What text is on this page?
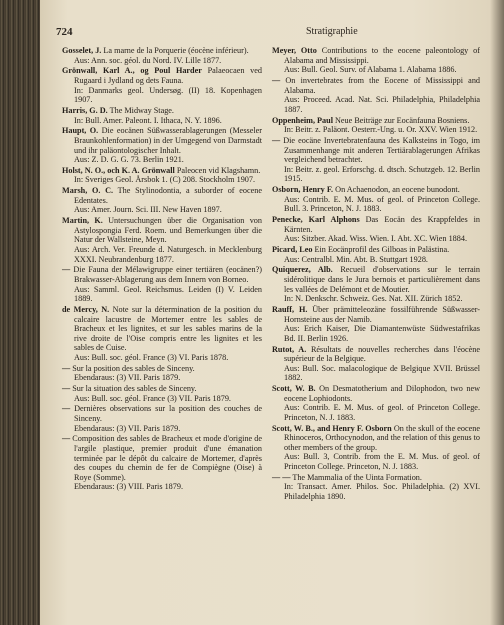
724	Stratigraphie
Gosselet, J. La marne de la Porquerie (éocène inférieur).
Aus: Ann. soc. géol. du Nord. IV. Lille 1877.
Grönwall, Karl A., og Poul Harder Palaeocaen ved Rugaard i Jydland og dets Fauna.
In: Danmarks geol. Undersøg. (II) 18. Kopenhagen 1907.
Harris, G. D. The Midway Stage.
In: Bull. Amer. Paleont. I. Ithaca, N. Y. 1896.
Haupt, O. Die eocänen Süßwasserablagerungen (Messeler Braunkohlenformation) in der Umgegend von Darmstadt und ihr paläontologischer Inhalt.
Aus: Z. D. G. G. 73. Berlin 1921.
Holst, N. O., och K. A. Grönwall Paleocen vid Klagshamn.
In: Sveriges Geol. Årsbok 1. (C) 208. Stockholm 1907.
Marsh, O. C. The Stylinodontia, a suborder of eocene Edentates.
Aus: Amer. Journ. Sci. III. New Haven 1897.
Martin, K. Untersuchungen über die Organisation von Astylospongia Ferd. Roem. und Bemerkungen über die Natur der Wallsteine, Meyn.
Aus: Arch. Ver. Freunde d. Naturgesch. in Mecklenburg XXXI. Neubrandenburg 1877.
— Die Fauna der Mélawigruppe einer tertiären (eocänen?) Brakwasser-Ablagerung aus dem Innern von Borneo.
Aus: Samml. Geol. Reichsmus. Leiden (I) V. Leiden 1889.
de Mercy, N. Note sur la détermination de la position du calcaire lacustre de Mortemer entre les sables de Bracheux et les lignites, et sur les sables marins de la rive droite de l'Oise compris entre les lignites et les sables de Cuise.
Aus: Bull. soc. géol. France (3) VI. Paris 1878.
— Sur la position des sables de Sinceny.
Ebendaraus: (3) VII. Paris 1879.
— Sur la situation des sables de Sinceny.
Aus: Bull. soc. géol. France (3) VII. Paris 1879.
— Dernières observations sur la position des couches de Sinceny.
Ebendaraus: (3) VII. Paris 1879.
— Composition des sables de Bracheux et mode d'origine de l'argile plastique, premier produit d'une émanation terminée par le dépôt du calcaire de Mortemer, d'après des coupes du chemin de fer de Compiègne (Oise) à Roye (Somme).
Ebendaraus: (3) VIII. Paris 1879.
Meyer, Otto Contributions to the eocene paleontology of Alabama and Mississippi.
Aus: Bull. Geol. Surv. of Alabama 1. Alabama 1886.
— On invertebrates from the Eocene of Mississippi and Alabama.
Aus: Proceed. Acad. Nat. Sci. Philadelphia, Philadelphia 1887.
Oppenheim, Paul Neue Beiträge zur Eocänfauna Bosniens.
In: Beitr. z. Paläont. Oesterr.-Ung. u. Or. XXV. Wien 1912.
— Die eocäne Invertebratenfauna des Kalksteins in Togo, im Zusammenhange mit anderen Tertiärablagerungen Afrikas vergleichend betrachtet.
In: Beitr. z. geol. Erforschg. d. dtsch. Schutzgeb. 12. Berlin 1915.
Osborn, Henry F. On Achaenodon, an eocene bunodont.
Aus: Contrib. E. M. Mus. of geol. of Princeton College. Bull. 3. Princeton, N. J. 1883.
Penecke, Karl Alphons Das Eocän des Krappfeldes in Kärnten.
Aus: Sitzber. Akad. Wiss. Wien. I. Abt. XC. Wien 1884.
Picard, Leo Ein Eocänprofil des Gilboas in Palästina.
Aus: Centralbl. Min. Abt. B. Stuttgart 1928.
Quiquerez, Alb. Recueil d'observations sur le terrain sidérolitique dans le Jura bernois et particulièrement dans les vallées de Delémont et de Moutier.
In: N. Denkschr. Schweiz. Ges. Nat. XII. Zürich 1852.
Rauff, H. Über prämitteleozäne fossilführende Süßwasser-Hornsteine aus der Namib.
Aus: Erich Kaiser, Die Diamantenwüste Südwestafrikas Bd. II. Berlin 1926.
Rutot, A. Résultats de nouvelles recherches dans l'éocène supérieur de la Belgique.
Aus: Bull. Soc. malacologique de Belgique XVII. Brüssel 1882.
Scott, W. B. On Desmatotherium and Dilophodon, two new eocene Lophiodonts.
Aus: Contrib. E. M. Mus. of geol. of Princeton College. Princeton, N. J. 1883.
Scott, W. B., and Henry F. Osborn On the skull of the eocene Rhinoceros, Orthocynodon, and the relation of this genus to other members of the group.
Aus: Bull. 3, Contrib. from the E. M. Mus. of geol. of Princeton College. Princeton, N. J. 1883.
— — The Mammalia of the Uinta Formation.
In: Transact. Amer. Philos. Soc. Philadelphia. (2) XVI. Philadelphia 1890.
